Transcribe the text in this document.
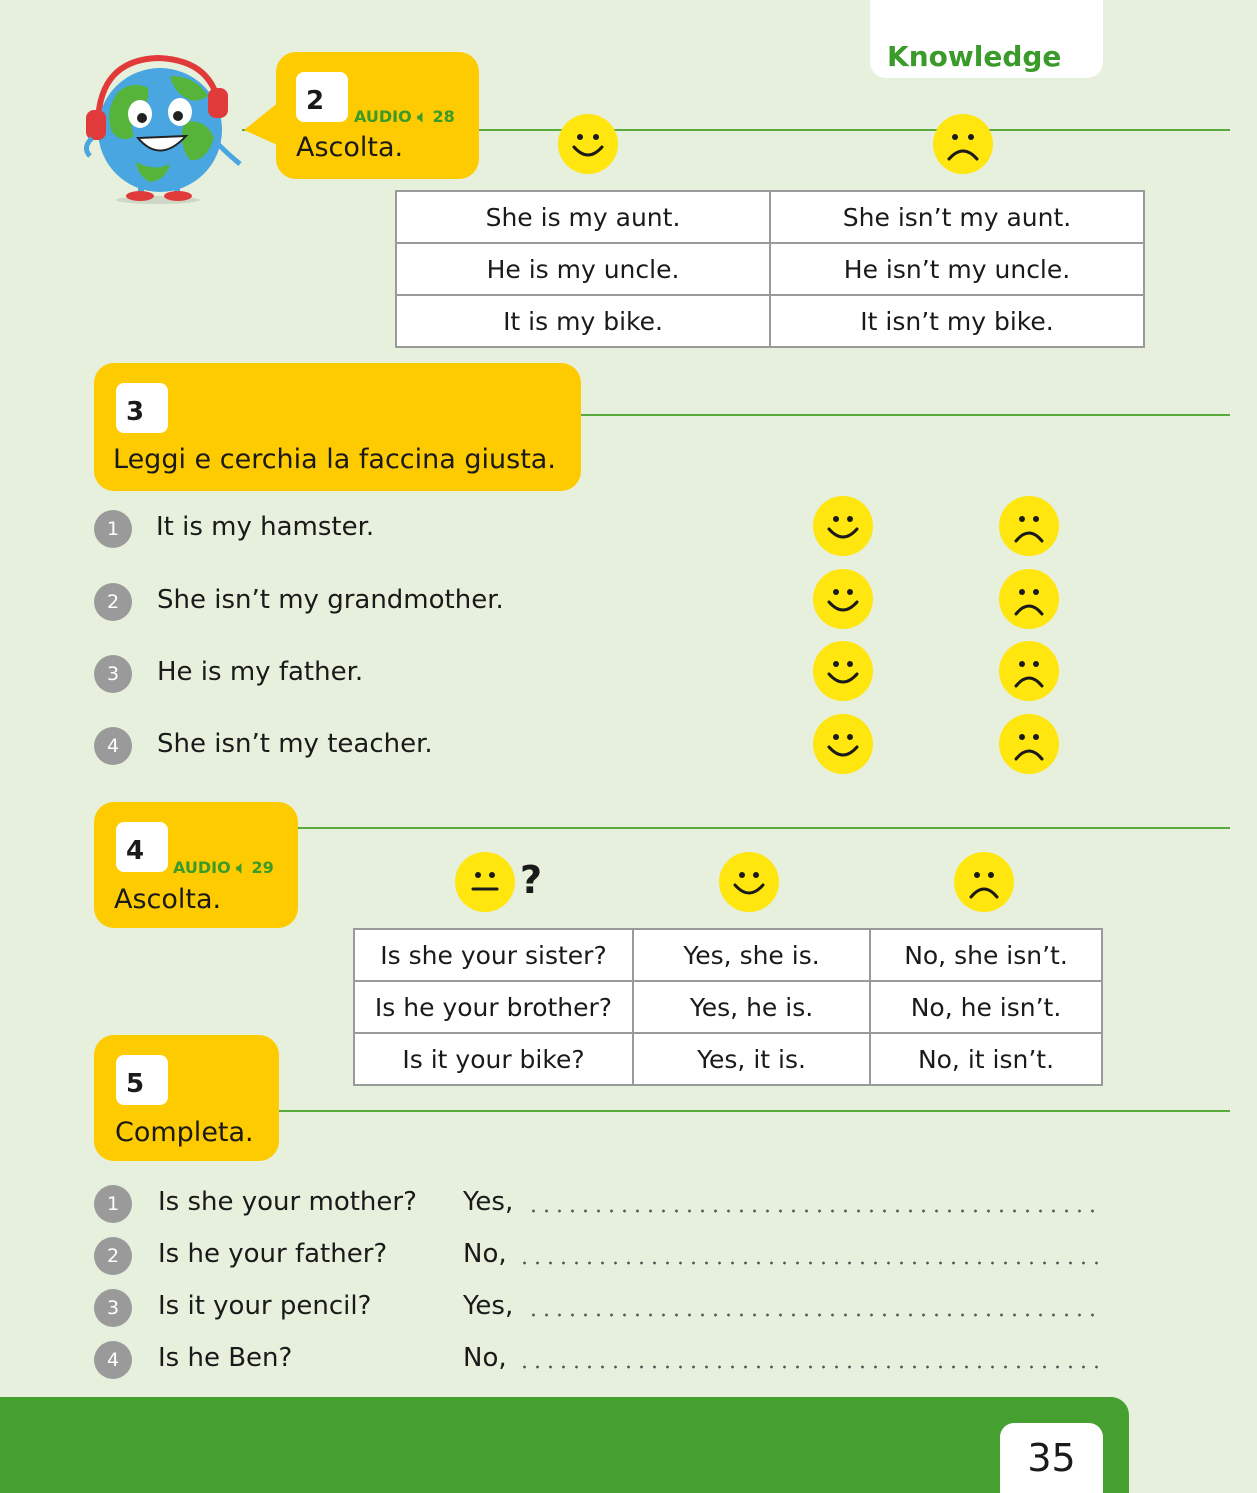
Knowledge
2
AUDIO 🔈︎ 28
Ascolta.
She is my aunt.	She isn’t my aunt.
He is my uncle.	He isn’t my uncle.
It is my bike.	It isn’t my bike.
3
Leggi e cerchia la faccina giusta.
1	It is my hamster.
2	She isn’t my grandmother.
3	He is my father.
4	She isn’t my teacher.
4
AUDIO 🔈︎ 29
Ascolta.	?
Is she your sister?	Yes, she is.	No, she isn’t.
Is he your brother?	Yes, he is.	No, he isn’t.
Is it your bike?	Yes, it is.	No, it isn’t.
5
Completa.
1	Is she your mother? Yes,
2	Is he your father?	No,
3	Is it your pencil?	Yes,
4	Is he Ben?	No,
35
